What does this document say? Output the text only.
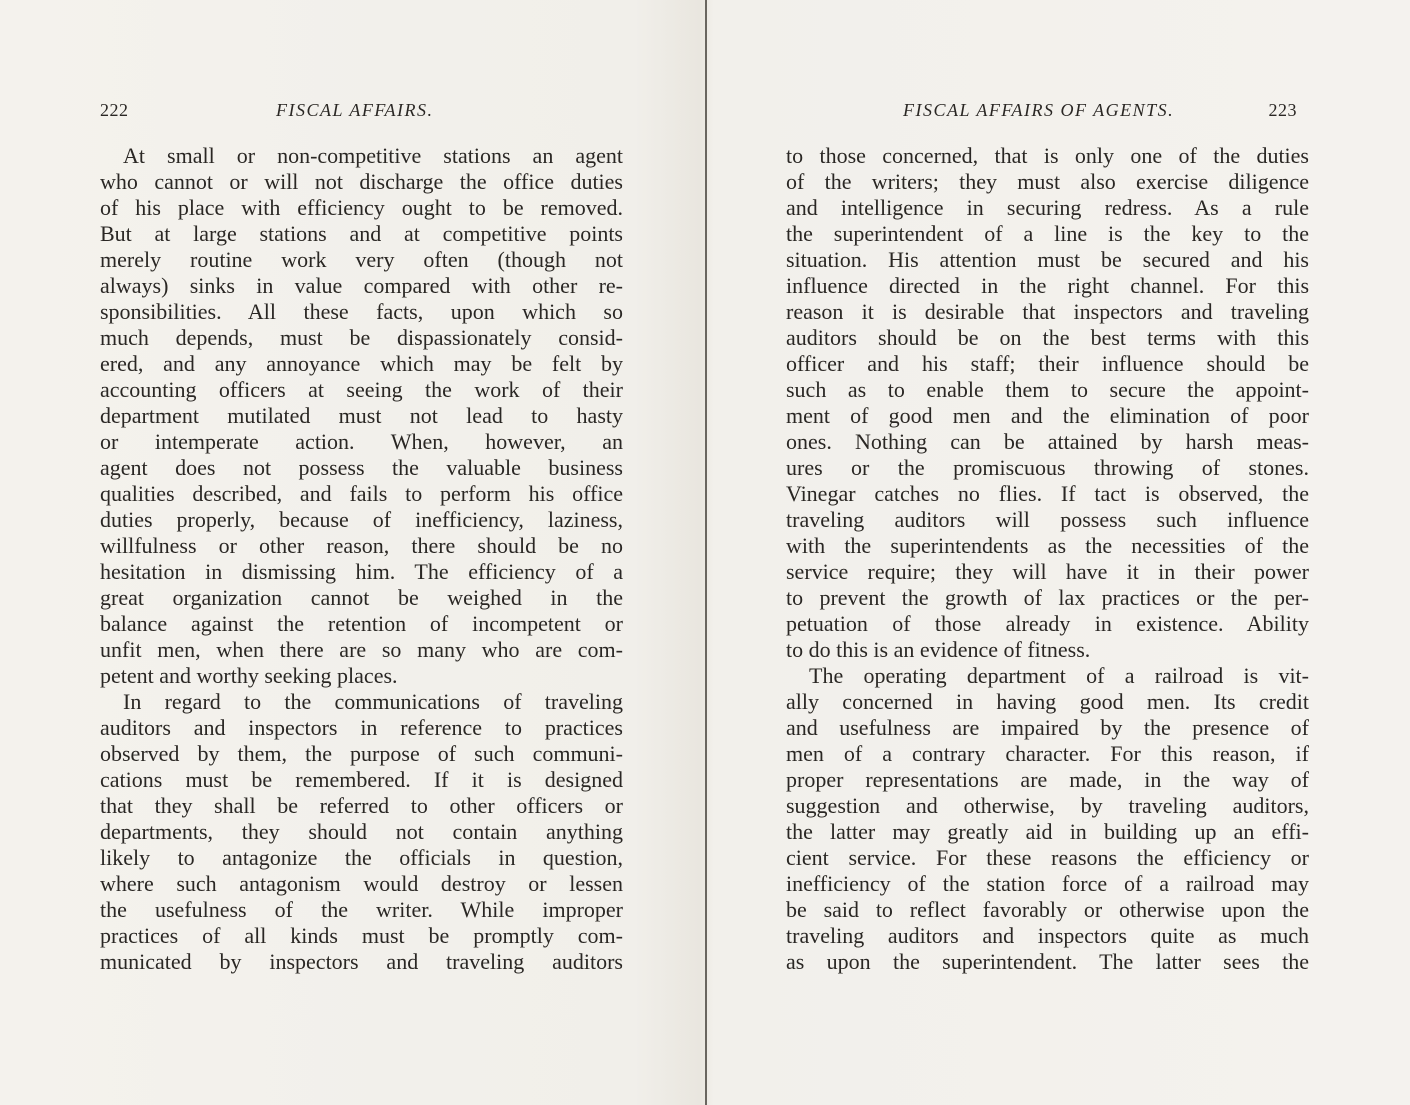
222	FISCAL AFFAIRS.
At small or non-competitive stations an agent
who cannot or will not discharge the office duties
of his place with efficiency ought to be removed.
But at large stations and at competitive points
merely routine work very often (though not
always) sinks in value compared with other re-
sponsibilities. All these facts, upon which so
much depends, must be dispassionately consid-
ered, and any annoyance which may be felt by
accounting officers at seeing the work of their
department mutilated must not lead to hasty
or intemperate action. When, however, an
agent does not possess the valuable business
qualities described, and fails to perform his office
duties properly, because of inefficiency, laziness,
willfulness or other reason, there should be no
hesitation in dismissing him. The efficiency of a
great organization cannot be weighed in the
balance against the retention of incompetent or
unfit men, when there are so many who are com-
petent and worthy seeking places.
In regard to the communications of traveling
auditors and inspectors in reference to practices
observed by them, the purpose of such communi-
cations must be remembered. If it is designed
that they shall be referred to other officers or
departments, they should not contain anything
likely to antagonize the officials in question,
where such antagonism would destroy or lessen
the usefulness of the writer. While improper
practices of all kinds must be promptly com-
municated by inspectors and traveling auditors
FISCAL AFFAIRS OF AGENTS.	223
to those concerned, that is only one of the duties
of the writers; they must also exercise diligence
and intelligence in securing redress. As a rule
the superintendent of a line is the key to the
situation. His attention must be secured and his
influence directed in the right channel. For this
reason it is desirable that inspectors and traveling
auditors should be on the best terms with this
officer and his staff; their influence should be
such as to enable them to secure the appoint-
ment of good men and the elimination of poor
ones. Nothing can be attained by harsh meas-
ures or the promiscuous throwing of stones.
Vinegar catches no flies. If tact is observed, the
traveling auditors will possess such influence
with the superintendents as the necessities of the
service require; they will have it in their power
to prevent the growth of lax practices or the per-
petuation of those already in existence. Ability
to do this is an evidence of fitness.
The operating department of a railroad is vit-
ally concerned in having good men. Its credit
and usefulness are impaired by the presence of
men of a contrary character. For this reason, if
proper representations are made, in the way of
suggestion and otherwise, by traveling auditors,
the latter may greatly aid in building up an effi-
cient service. For these reasons the efficiency or
inefficiency of the station force of a railroad may
be said to reflect favorably or otherwise upon the
traveling auditors and inspectors quite as much
as upon the superintendent. The latter sees the
